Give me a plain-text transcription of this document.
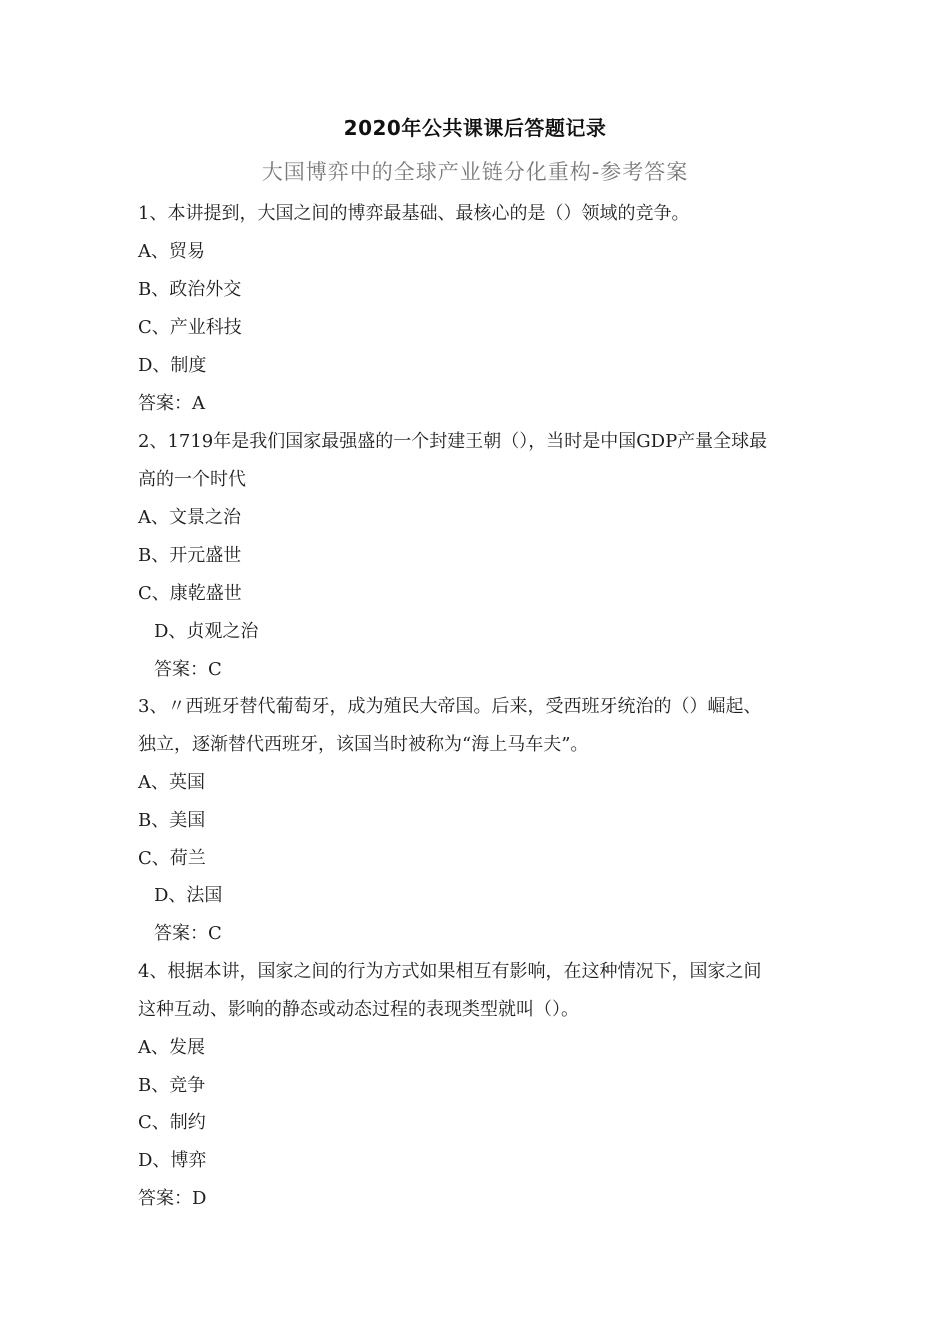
2020年公共课课后答题记录
大国博弈中的全球产业链分化重构-参考答案
1、本讲提到，大国之间的博弈最基础、最核心的是（）领域的竞争。
A、贸易
B、政治外交
C、产业科技
D、制度
答案：A
2、1719年是我们国家最强盛的一个封建王朝（），当时是中国GDP产量全球最
高的一个时代
A、文景之治
B、开元盛世
C、康乾盛世
D、贞观之治
答案：C
3、〃西班牙替代葡萄牙，成为殖民大帝国。后来，受西班牙统治的（）崛起、
独立，逐渐替代西班牙，该国当时被称为“海上马车夫”。
A、英国
B、美国
C、荷兰
D、法国
答案：C
4、根据本讲，国家之间的行为方式如果相互有影响，在这种情况下，国家之间
这种互动、影响的静态或动态过程的表现类型就叫（）。
A、发展
B、竞争
C、制约
D、博弈
答案：D
